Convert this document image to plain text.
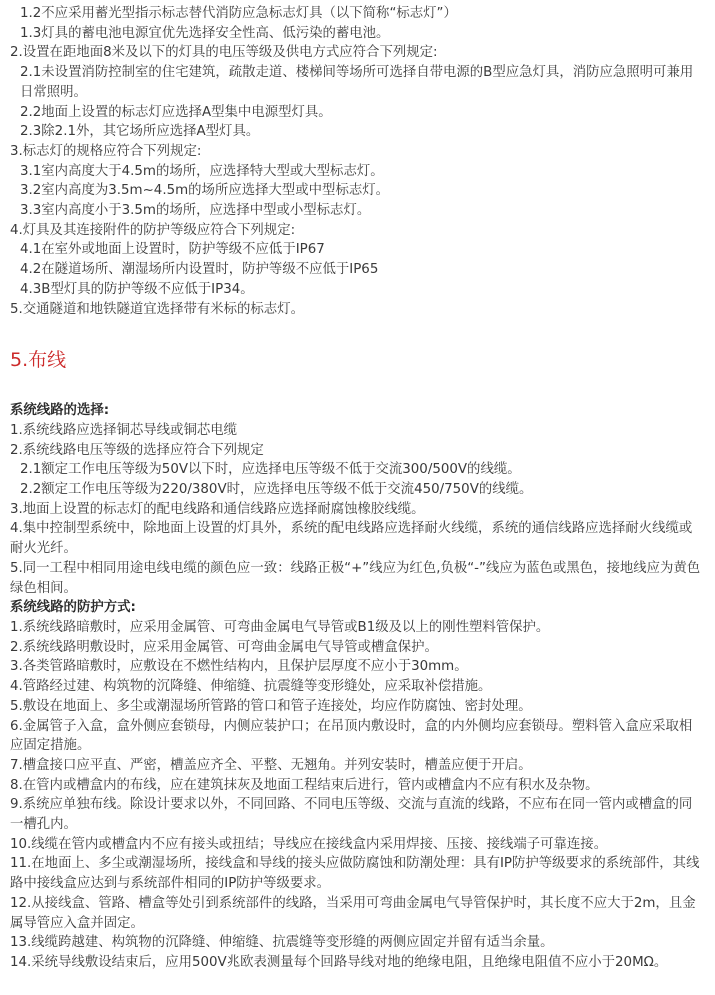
1.2不应采用蓄光型指示标志替代消防应急标志灯具（以下简称“标志灯”）
1.3灯具的蓄电池电源宜优先选择安全性高、低污染的蓄电池。
2.设置在距地面8米及以下的灯具的电压等级及供电方式应符合下列规定:
2.1未设置消防控制室的住宅建筑，疏散走道、楼梯间等场所可选择自带电源的B型应急灯具，消防应急照明可兼用日常照明。
2.2地面上设置的标志灯应选择A型集中电源型灯具。
2.3除2.1外，其它场所应选择A型灯具。
3.标志灯的规格应符合下列规定:
3.1室内高度大于4.5m的场所，应选择特大型或大型标志灯。
3.2室内高度为3.5m~4.5m的场所应选择大型或中型标志灯。
3.3室内高度小于3.5m的场所，应选择中型或小型标志灯。
4.灯具及其连接附件的防护等级应符合下列规定:
4.1在室外或地面上设置时，防护等级不应低于IP67
4.2在隧道场所、潮湿场所内设置时，防护等级不应低于IP65
4.3B型灯具的防护等级不应低于IP34。
5.交通隧道和地铁隧道宜选择带有米标的标志灯。
5.布线
系统线路的选择:
1.系统线路应选择铜芯导线或铜芯电缆
2.系统线路电压等级的选择应符合下列规定
2.1额定工作电压等级为50V以下时，应选择电压等级不低于交流300/500V的线缆。
2.2额定工作电压等级为220/380V时，应选择电压等级不低于交流450/750V的线缆。
3.地面上设置的标志灯的配电线路和通信线路应选择耐腐蚀橡胶线缆。
4.集中控制型系统中，除地面上设置的灯具外，系统的配电线路应选择耐火线缆，系统的通信线路应选择耐火线缆或耐火光纤。
5.同一工程中相同用途电线电缆的颜色应一致：线路正极“+”线应为红色,负极“-”线应为蓝色或黑色，接地线应为黄色绿色相间。
系统线路的防护方式:
1.系统线路暗敷时，应采用金属管、可弯曲金属电气导管或B1级及以上的刚性塑料管保护。
2.系统线路明敷设时，应采用金属管、可弯曲金属电气导管或槽盒保护。
3.各类管路暗敷时，应敷设在不燃性结构内，且保护层厚度不应小于30mm。
4.管路经过建、构筑物的沉降缝、伸缩缝、抗震缝等变形缝处，应采取补偿措施。
5.敷设在地面上、多尘或潮湿场所管路的管口和管子连接处，均应作防腐蚀、密封处理。
6.金属管子入盒，盒外侧应套锁母，内侧应装护口；在吊顶内敷设时，盒的内外侧均应套锁母。塑料管入盒应采取相应固定措施。
7.槽盒接口应平直、严密，槽盖应齐全、平整、无翘角。并列安装时，槽盖应便于开启。
8.在管内或槽盒内的布线，应在建筑抹灰及地面工程结束后进行，管内或槽盒内不应有积水及杂物。
9.系统应单独布线。除设计要求以外，不同回路、不同电压等级、交流与直流的线路，不应布在同一管内或槽盒的同一槽孔内。
10.线缆在管内或槽盒内不应有接头或扭结；导线应在接线盒内采用焊接、压接、接线端子可靠连接。
11.在地面上、多尘或潮湿场所，接线盒和导线的接头应做防腐蚀和防潮处理：具有IP防护等级要求的系统部件，其线路中接线盒应达到与系统部件相同的IP防护等级要求。
12.从接线盒、管路、槽盒等处引到系统部件的线路，当采用可弯曲金属电气导管保护时，其长度不应大于2m，且金属导管应入盒并固定。
13.线缆跨越建、构筑物的沉降缝、伸缩缝、抗震缝等变形缝的两侧应固定并留有适当余量。
14.采统导线敷设结束后，应用500V兆欧表测量每个回路导线对地的绝缘电阻，且绝缘电阻值不应小于20MΩ。
